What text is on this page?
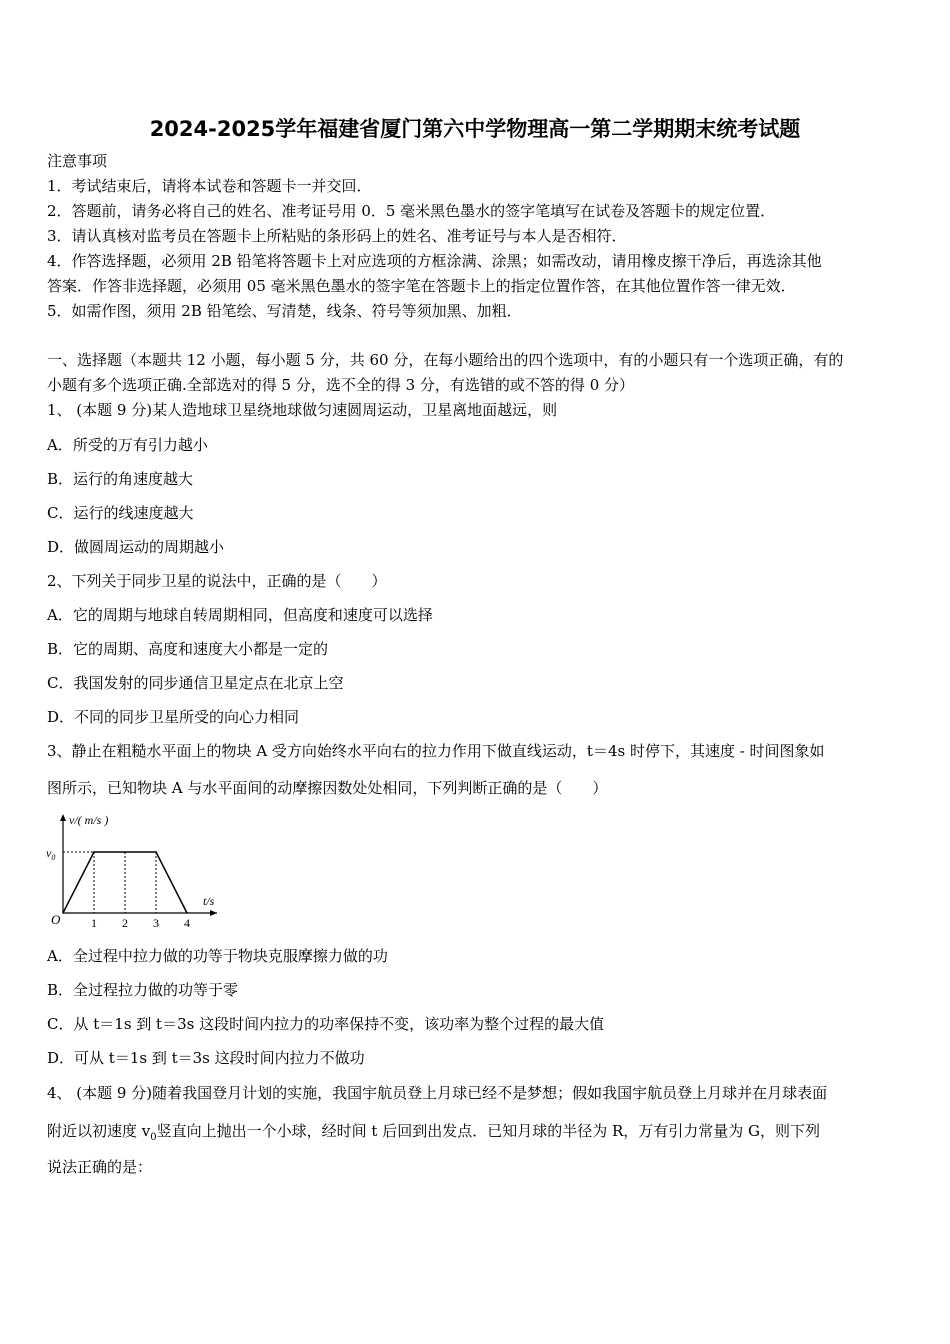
2024-2025学年福建省厦门第六中学物理高一第二学期期末统考试题
注意事项
1．考试结束后，请将本试卷和答题卡一并交回．
2．答题前，请务必将自己的姓名、准考证号用 0．5 毫米黑色墨水的签字笔填写在试卷及答题卡的规定位置．
3．请认真核对监考员在答题卡上所粘贴的条形码上的姓名、准考证号与本人是否相符．
4．作答选择题，必须用 2B 铅笔将答题卡上对应选项的方框涂满、涂黑；如需改动，请用橡皮擦干净后，再选涂其他
答案．作答非选择题，必须用 05 毫米黑色墨水的签字笔在答题卡上的指定位置作答，在其他位置作答一律无效．
5．如需作图，须用 2B 铅笔绘、写清楚，线条、符号等须加黑、加粗．
一、选择题（本题共 12 小题，每小题 5 分，共 60 分，在每小题给出的四个选项中，有的小题只有一个选项正确，有的
小题有多个选项正确.全部选对的得 5 分，选不全的得 3 分，有选错的或不答的得 0 分）
1、 (本题 9 分)某人造地球卫星绕地球做匀速圆周运动，卫星离地面越远，则
A．所受的万有引力越小
B．运行的角速度越大
C．运行的线速度越大
D．做圆周运动的周期越小
2、下列关于同步卫星的说法中，正确的是（　　）
A．它的周期与地球自转周期相同，但高度和速度可以选择
B．它的周期、高度和速度大小都是一定的
C．我国发射的同步通信卫星定点在北京上空
D．不同的同步卫星所受的向心力相同
3、静止在粗糙水平面上的物块 A 受方向始终水平向右的拉力作用下做直线运动，t＝4s 时停下，其速度 - 时间图象如
图所示，已知物块 A 与水平面间的动摩擦因数处处相同，下列判断正确的是（　　）
1 2 3 4
v/( m/s )
t/s
O
$v_0$
A．全过程中拉力做的功等于物块克服摩擦力做的功
B．全过程拉力做的功等于零
C．从 t＝1s 到 t＝3s 这段时间内拉力的功率保持不变，该功率为整个过程的最大值
D．可从 t＝1s 到 t＝3s 这段时间内拉力不做功
4、 (本题 9 分)随着我国登月计划的实施，我国宇航员登上月球已经不是梦想；假如我国宇航员登上月球并在月球表面
附近以初速度 $v_0$竖直向上抛出一个小球，经时间 t 后回到出发点．已知月球的半径为 R，万有引力常量为 G，则下列
说法正确的是：
